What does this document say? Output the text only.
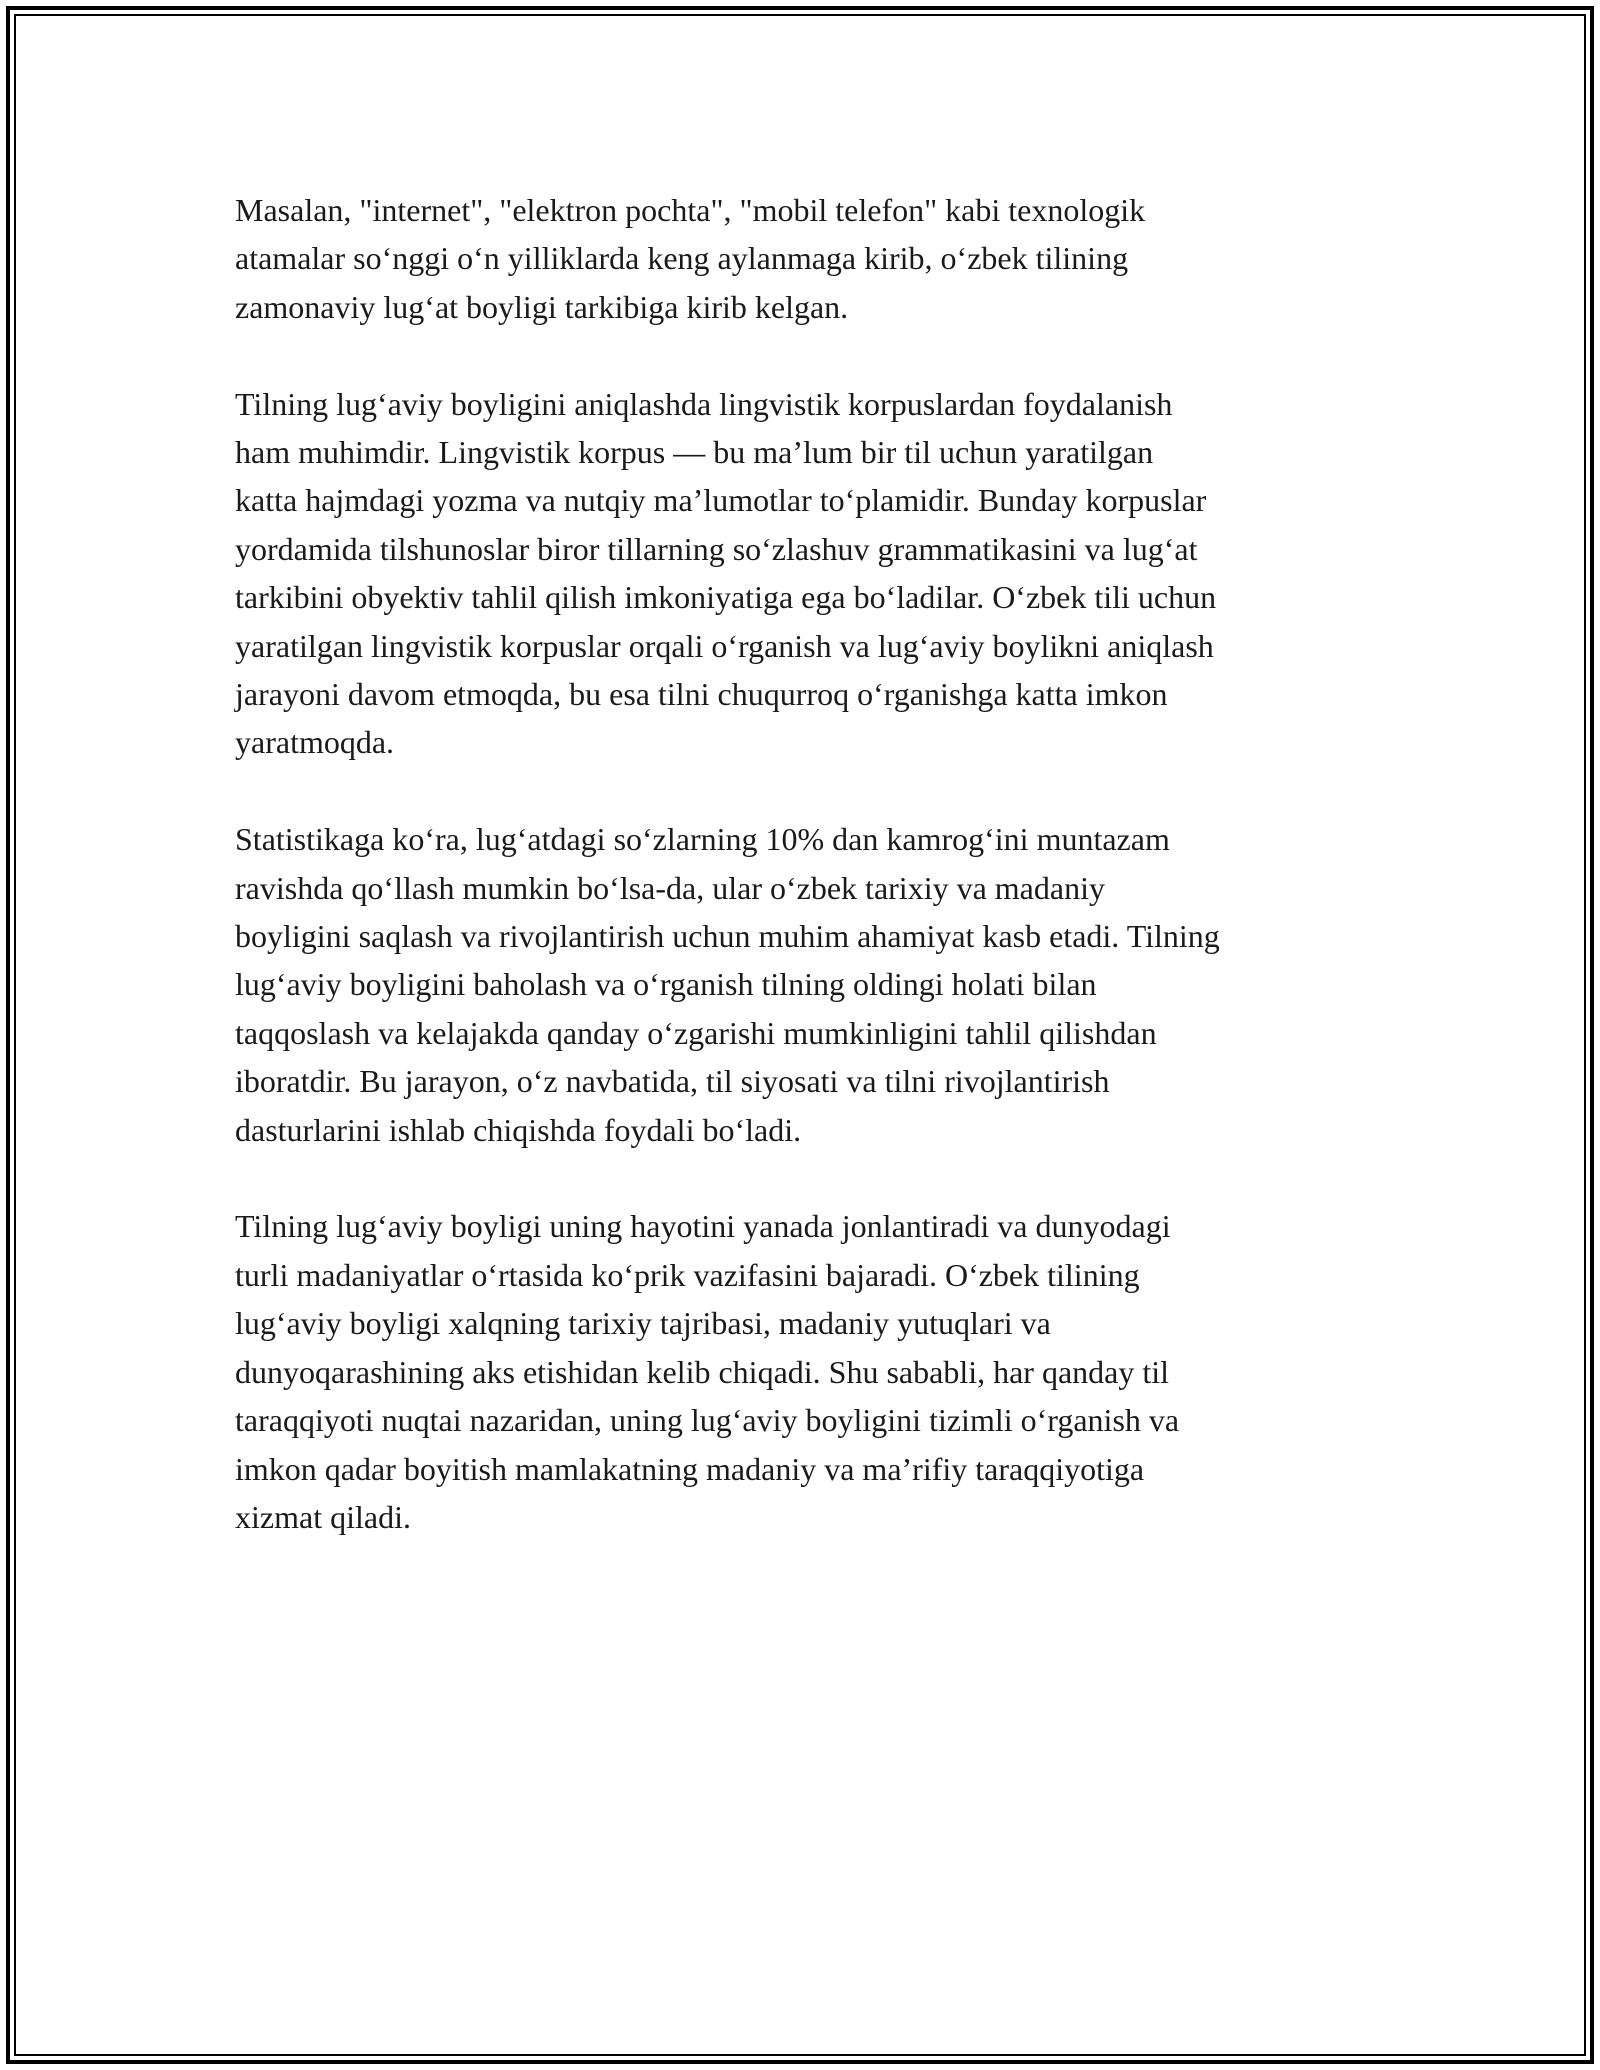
Masalan, "internet", "elektron pochta", "mobil telefon" kabi texnologik
atamalar so‘nggi o‘n yilliklarda keng aylanmaga kirib, o‘zbek tilining
zamonaviy lug‘at boyligi tarkibiga kirib kelgan.

Tilning lug‘aviy boyligini aniqlashda lingvistik korpuslardan foydalanish
ham muhimdir. Lingvistik korpus — bu ma’lum bir til uchun yaratilgan
katta hajmdagi yozma va nutqiy ma’lumotlar to‘plamidir. Bunday korpuslar
yordamida tilshunoslar biror tillarning so‘zlashuv grammatikasini va lug‘at
tarkibini obyektiv tahlil qilish imkoniyatiga ega bo‘ladilar. O‘zbek tili uchun
yaratilgan lingvistik korpuslar orqali o‘rganish va lug‘aviy boylikni aniqlash
jarayoni davom etmoqda, bu esa tilni chuqurroq o‘rganishga katta imkon
yaratmoqda.

Statistikaga ko‘ra, lug‘atdagi so‘zlarning 10% dan kamrog‘ini muntazam
ravishda qo‘llash mumkin bo‘lsa-da, ular o‘zbek tarixiy va madaniy
boyligini saqlash va rivojlantirish uchun muhim ahamiyat kasb etadi. Tilning
lug‘aviy boyligini baholash va o‘rganish tilning oldingi holati bilan
taqqoslash va kelajakda qanday o‘zgarishi mumkinligini tahlil qilishdan
iboratdir. Bu jarayon, o‘z navbatida, til siyosati va tilni rivojlantirish
dasturlarini ishlab chiqishda foydali bo‘ladi.

Tilning lug‘aviy boyligi uning hayotini yanada jonlantiradi va dunyodagi
turli madaniyatlar o‘rtasida ko‘prik vazifasini bajaradi. O‘zbek tilining
lug‘aviy boyligi xalqning tarixiy tajribasi, madaniy yutuqlari va
dunyoqarashining aks etishidan kelib chiqadi. Shu sababli, har qanday til
taraqqiyoti nuqtai nazaridan, uning lug‘aviy boyligini tizimli o‘rganish va
imkon qadar boyitish mamlakatning madaniy va ma’rifiy taraqqiyotiga
xizmat qiladi.
